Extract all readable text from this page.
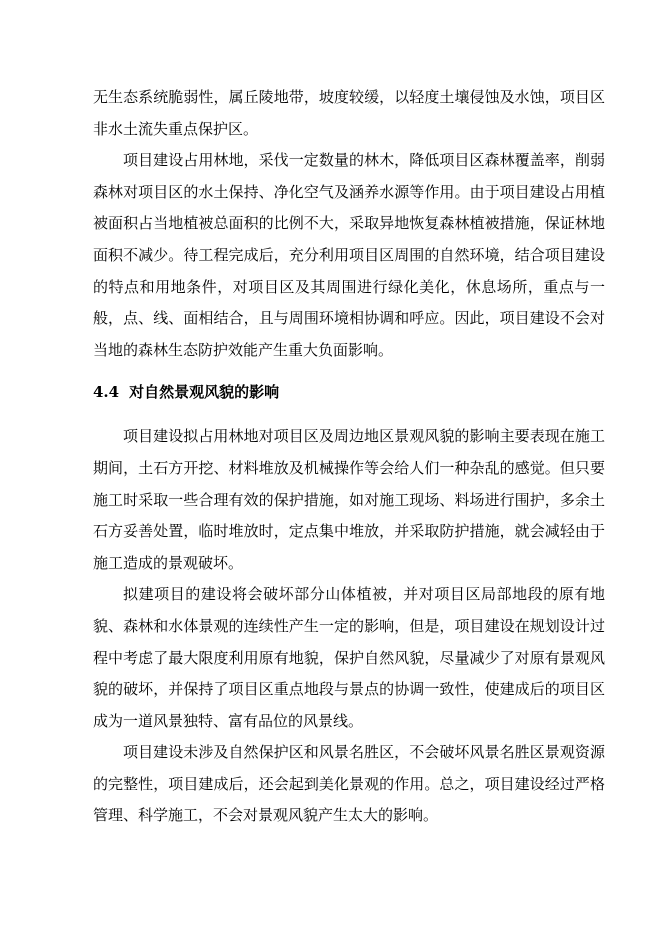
无生态系统脆弱性，属丘陵地带，坡度较缓，以轻度土壤侵蚀及水蚀，项目区非水土流失重点保护区。

项目建设占用林地，采伐一定数量的林木，降低项目区森林覆盖率，削弱森林对项目区的水土保持、净化空气及涵养水源等作用。由于项目建设占用植被面积占当地植被总面积的比例不大，采取异地恢复森林植被措施，保证林地面积不减少。待工程完成后，充分利用项目区周围的自然环境，结合项目建设的特点和用地条件，对项目区及其周围进行绿化美化，休息场所，重点与一般，点、线、面相结合，且与周围环境相协调和呼应。因此，项目建设不会对当地的森林生态防护效能产生重大负面影响。

4.4 对自然景观风貌的影响

项目建设拟占用林地对项目区及周边地区景观风貌的影响主要表现在施工期间，土石方开挖、材料堆放及机械操作等会给人们一种杂乱的感觉。但只要施工时采取一些合理有效的保护措施，如对施工现场、料场进行围护，多余土石方妥善处置，临时堆放时，定点集中堆放，并采取防护措施，就会减轻由于施工造成的景观破坏。

拟建项目的建设将会破坏部分山体植被，并对项目区局部地段的原有地貌、森林和水体景观的连续性产生一定的影响，但是，项目建设在规划设计过程中考虑了最大限度利用原有地貌，保护自然风貌，尽量减少了对原有景观风貌的破坏，并保持了项目区重点地段与景点的协调一致性，使建成后的项目区成为一道风景独特、富有品位的风景线。

项目建设未涉及自然保护区和风景名胜区，不会破坏风景名胜区景观资源的完整性，项目建成后，还会起到美化景观的作用。总之，项目建设经过严格管理、科学施工，不会对景观风貌产生太大的影响。
